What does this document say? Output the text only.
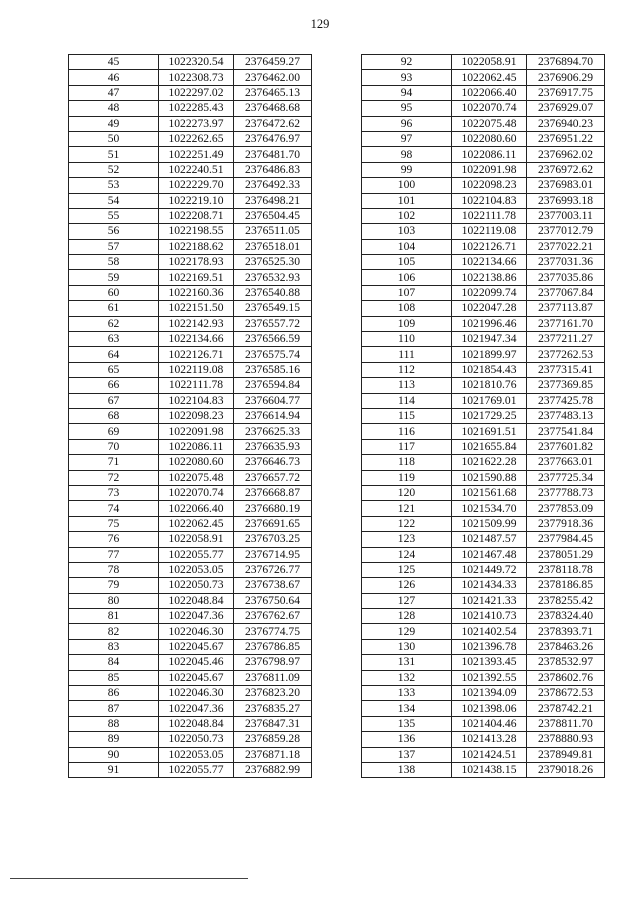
129
45	1022320.54	2376459.27
46	1022308.73	2376462.00
47	1022297.02	2376465.13
48	1022285.43	2376468.68
49	1022273.97	2376472.62
50	1022262.65	2376476.97
51	1022251.49	2376481.70
52	1022240.51	2376486.83
53	1022229.70	2376492.33
54	1022219.10	2376498.21
55	1022208.71	2376504.45
56	1022198.55	2376511.05
57	1022188.62	2376518.01
58	1022178.93	2376525.30
59	1022169.51	2376532.93
60	1022160.36	2376540.88
61	1022151.50	2376549.15
62	1022142.93	2376557.72
63	1022134.66	2376566.59
64	1022126.71	2376575.74
65	1022119.08	2376585.16
66	1022111.78	2376594.84
67	1022104.83	2376604.77
68	1022098.23	2376614.94
69	1022091.98	2376625.33
70	1022086.11	2376635.93
71	1022080.60	2376646.73
72	1022075.48	2376657.72
73	1022070.74	2376668.87
74	1022066.40	2376680.19
75	1022062.45	2376691.65
76	1022058.91	2376703.25
77	1022055.77	2376714.95
78	1022053.05	2376726.77
79	1022050.73	2376738.67
80	1022048.84	2376750.64
81	1022047.36	2376762.67
82	1022046.30	2376774.75
83	1022045.67	2376786.85
84	1022045.46	2376798.97
85	1022045.67	2376811.09
86	1022046.30	2376823.20
87	1022047.36	2376835.27
88	1022048.84	2376847.31
89	1022050.73	2376859.28
90	1022053.05	2376871.18
91	1022055.77	2376882.99
92	1022058.91	2376894.70
93	1022062.45	2376906.29
94	1022066.40	2376917.75
95	1022070.74	2376929.07
96	1022075.48	2376940.23
97	1022080.60	2376951.22
98	1022086.11	2376962.02
99	1022091.98	2376972.62
100	1022098.23	2376983.01
101	1022104.83	2376993.18
102	1022111.78	2377003.11
103	1022119.08	2377012.79
104	1022126.71	2377022.21
105	1022134.66	2377031.36
106	1022138.86	2377035.86
107	1022099.74	2377067.84
108	1022047.28	2377113.87
109	1021996.46	2377161.70
110	1021947.34	2377211.27
111	1021899.97	2377262.53
112	1021854.43	2377315.41
113	1021810.76	2377369.85
114	1021769.01	2377425.78
115	1021729.25	2377483.13
116	1021691.51	2377541.84
117	1021655.84	2377601.82
118	1021622.28	2377663.01
119	1021590.88	2377725.34
120	1021561.68	2377788.73
121	1021534.70	2377853.09
122	1021509.99	2377918.36
123	1021487.57	2377984.45
124	1021467.48	2378051.29
125	1021449.72	2378118.78
126	1021434.33	2378186.85
127	1021421.33	2378255.42
128	1021410.73	2378324.40
129	1021402.54	2378393.71
130	1021396.78	2378463.26
131	1021393.45	2378532.97
132	1021392.55	2378602.76
133	1021394.09	2378672.53
134	1021398.06	2378742.21
135	1021404.46	2378811.70
136	1021413.28	2378880.93
137	1021424.51	2378949.81
138	1021438.15	2379018.26
